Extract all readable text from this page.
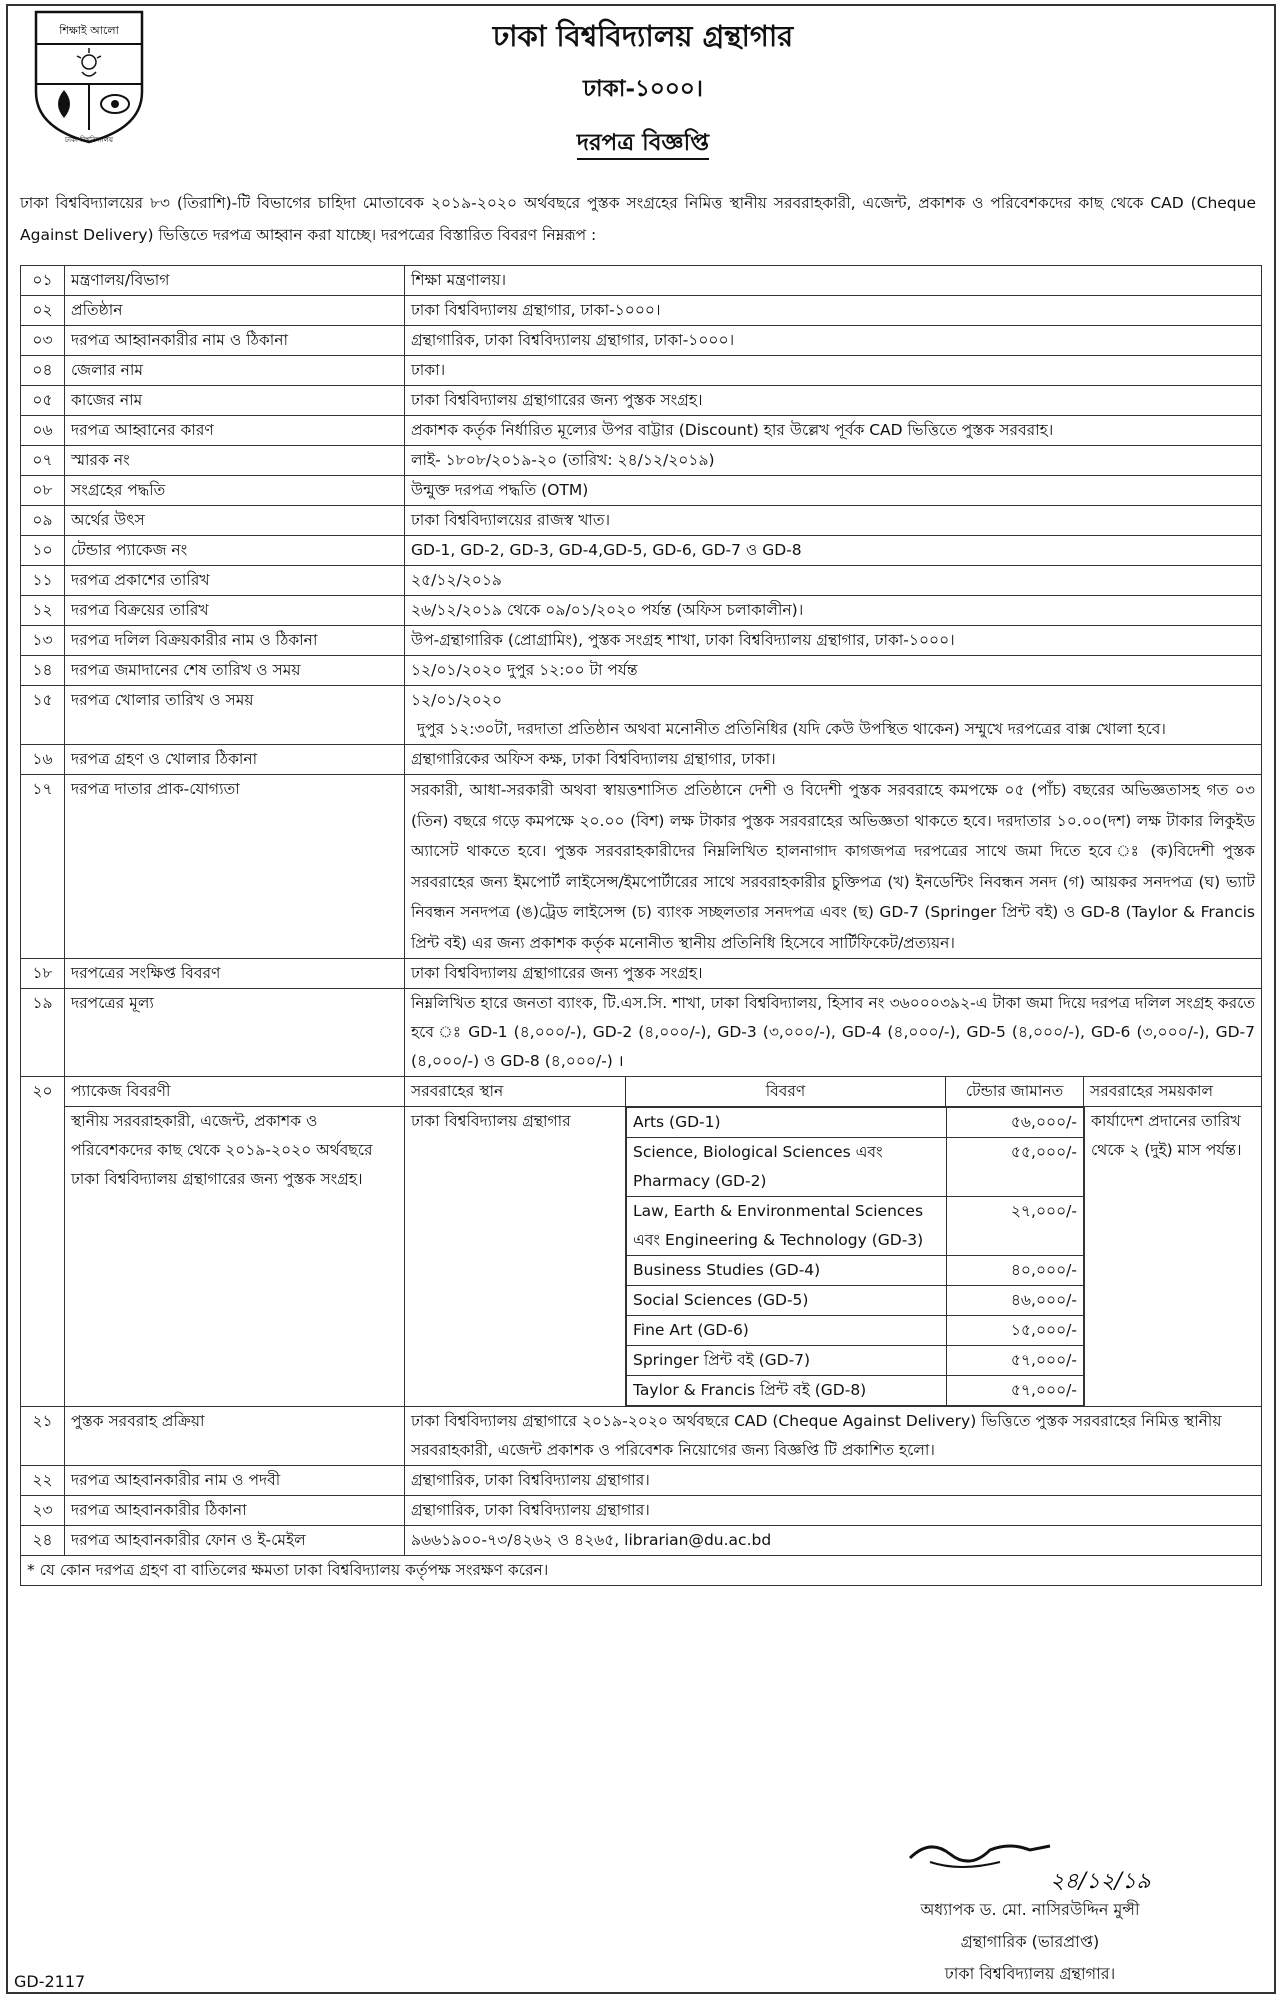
শিক্ষাই আলো
ঢাকা বিশ্ববিদ্যালয়
ঢাকা বিশ্ববিদ্যালয় গ্রন্থাগার
ঢাকা-১০০০।
দরপত্র বিজ্ঞপ্তি
ঢাকা বিশ্ববিদ্যালয়ের ৮৩ (তিরাশি)-টি বিভাগের চাহিদা মোতাবেক ২০১৯-২০২০ অর্থবছরে পুস্তক সংগ্রহের নিমিত্ত স্থানীয় সরবরাহকারী, এজেন্ট, প্রকাশক ও পরিবেশকদের কাছ থেকে CAD (Cheque Against Delivery) ভিত্তিতে দরপত্র আহ্বান করা যাচ্ছে। দরপত্রের বিস্তারিত বিবরণ নিম্নরূপ :
০১	মন্ত্রণালয়/বিভাগ	শিক্ষা মন্ত্রণালয়।
০২	প্রতিষ্ঠান	ঢাকা বিশ্ববিদ্যালয় গ্রন্থাগার, ঢাকা-১০০০।
০৩	দরপত্র আহ্বানকারীর নাম ও ঠিকানা	গ্রন্থাগারিক, ঢাকা বিশ্ববিদ্যালয় গ্রন্থাগার, ঢাকা-১০০০।
০৪	জেলার নাম	ঢাকা।
০৫	কাজের নাম	ঢাকা বিশ্ববিদ্যালয় গ্রন্থাগারের জন্য পুস্তক সংগ্রহ।
০৬	দরপত্র আহ্বানের কারণ	প্রকাশক কর্তৃক নির্ধারিত মূল্যের উপর বাট্টার (Discount) হার উল্লেখ পূর্বক CAD ভিত্তিতে পুস্তক সরবরাহ।
০৭	স্মারক নং	লাই- ১৮০৮/২০১৯-২০ (তারিখ: ২৪/১২/২০১৯)
০৮	সংগ্রহের পদ্ধতি	উন্মুক্ত দরপত্র পদ্ধতি (OTM)
০৯	অর্থের উৎস	ঢাকা বিশ্ববিদ্যালয়ের রাজস্ব খাত।
১০	টেন্ডার প্যাকেজ নং	GD-1, GD-2, GD-3, GD-4,GD-5, GD-6, GD-7 ও GD-8
১১	দরপত্র প্রকাশের তারিখ	২৫/১২/২০১৯
১২	দরপত্র বিক্রয়ের তারিখ	২৬/১২/২০১৯ থেকে ০৯/০১/২০২০ পর্যন্ত (অফিস চলাকালীন)।
১৩	দরপত্র দলিল বিক্রয়কারীর নাম ও ঠিকানা	উপ-গ্রন্থাগারিক (প্রোগ্রামিং), পুস্তক সংগ্রহ শাখা, ঢাকা বিশ্ববিদ্যালয় গ্রন্থাগার, ঢাকা-১০০০।
১৪	দরপত্র জমাদানের শেষ তারিখ ও সময়	১২/০১/২০২০ দুপুর ১২:০০ টা পর্যন্ত
১৫	দরপত্র খোলার তারিখ ও সময়	১২/০১/২০২০
দুপুর ১২:৩০টা, দরদাতা প্রতিষ্ঠান অথবা মনোনীত প্রতিনিধির (যদি কেউ উপস্থিত থাকেন) সম্মুখে দরপত্রের বাক্স খোলা হবে।

১৬	দরপত্র গ্রহণ ও খোলার ঠিকানা	গ্রন্থাগারিকের অফিস কক্ষ, ঢাকা বিশ্ববিদ্যালয় গ্রন্থাগার, ঢাকা।
১৭	দরপত্র দাতার প্রাক-যোগ্যতা	সরকারী, আধা-সরকারী অথবা স্বায়ত্তশাসিত প্রতিষ্ঠানে দেশী ও বিদেশী পুস্তক সরবরাহে কমপক্ষে ০৫ (পাঁচ) বছরের অভিজ্ঞতাসহ গত ০৩ (তিন) বছরে গড়ে কমপক্ষে ২০.০০ (বিশ) লক্ষ টাকার পুস্তক সরবরাহের অভিজ্ঞতা থাকতে হবে। দরদাতার ১০.০০(দশ) লক্ষ টাকার লিকুইড অ্যাসেট থাকতে হবে। পুস্তক সরবরাহকারীদের নিম্নলিখিত হালনাগাদ কাগজপত্র দরপত্রের সাথে জমা দিতে হবে ঃ (ক)বিদেশী পুস্তক সরবরাহের জন্য ইমপোর্ট লাইসেন্স/ইমপোর্টারের সাথে সরবরাহকারীর চুক্তিপত্র (খ) ইনডেন্টিং নিবন্ধন সনদ (গ) আয়কর সনদপত্র (ঘ) ভ্যাট নিবন্ধন সনদপত্র (ঙ)ট্রেড লাইসেন্স (চ) ব্যাংক সচ্ছলতার সনদপত্র এবং (ছ) GD-7 (Springer প্রিন্ট বই) ও GD-8 (Taylor & Francis প্রিন্ট বই) এর জন্য প্রকাশক কর্তৃক মনোনীত স্থানীয় প্রতিনিধি হিসেবে সার্টিফিকেট/প্রত্যয়ন।
১৮	দরপত্রের সংক্ষিপ্ত বিবরণ	ঢাকা বিশ্ববিদ্যালয় গ্রন্থাগারের জন্য পুস্তক সংগ্রহ।
১৯	দরপত্রের মূল্য	নিম্নলিখিত হারে জনতা ব্যাংক, টি.এস.সি. শাখা, ঢাকা বিশ্ববিদ্যালয়, হিসাব নং ৩৬০০০৩৯২-এ টাকা জমা দিয়ে দরপত্র দলিল সংগ্রহ করতে হবে ঃ GD-1 (৪,০০০/-), GD-2 (৪,০০০/-), GD-3 (৩,০০০/-), GD-4 (৪,০০০/-), GD-5 (৪,০০০/-), GD-6 (৩,০০০/-), GD-7 (৪,০০০/-) ও GD-8 (৪,০০০/-) ।
২০	প্যাকেজ বিবরণী
স্থানীয় সরবরাহকারী, এজেন্ট, প্রকাশক ও পরিবেশকদের কাছ থেকে ২০১৯-২০২০ অর্থবছরে ঢাকা বিশ্ববিদ্যালয় গ্রন্থাগারের জন্য পুস্তক সংগ্রহ।

সরবরাহের স্থান	বিবরণ	টেন্ডার জামানত	সরবরাহের সময়কাল
ঢাকা বিশ্ববিদ্যালয় গ্রন্থাগার	Arts (GD-1)	৫৬,০০০/-
Science, Biological Sciences এবং Pharmacy (GD-2)	৫৫,০০০/-
Law, Earth & Environmental Sciences এবং Engineering & Technology (GD-3)	২৭,০০০/-
Business Studies (GD-4)	৪০,০০০/-
Social Sciences (GD-5)	৪৬,০০০/-
Fine Art (GD-6)	১৫,০০০/-
Springer প্রিন্ট বই (GD-7)	৫৭,০০০/-
Taylor & Francis প্রিন্ট বই (GD-8)	৫৭,০০০/-
কার্যাদেশ প্রদানের তারিখ থেকে ২ (দুই) মাস পর্যন্ত।

২১	পুস্তক সরবরাহ প্রক্রিয়া	ঢাকা বিশ্ববিদ্যালয় গ্রন্থাগারে ২০১৯-২০২০ অর্থবছরে CAD (Cheque Against Delivery) ভিত্তিতে পুস্তক সরবরাহের নিমিত্ত স্থানীয় সরবরাহকারী, এজেন্ট প্রকাশক ও পরিবেশক নিয়োগের জন্য বিজ্ঞপ্তি টি প্রকাশিত হলো।
২২	দরপত্র আহবানকারীর নাম ও পদবী	গ্রন্থাগারিক, ঢাকা বিশ্ববিদ্যালয় গ্রন্থাগার।
২৩	দরপত্র আহবানকারীর ঠিকানা	গ্রন্থাগারিক, ঢাকা বিশ্ববিদ্যালয় গ্রন্থাগার।
২৪	দরপত্র আহবানকারীর ফোন ও ই-মেইল	৯৬৬১৯০০-৭৩/৪২৬২ ও ৪২৬৫, librarian@du.ac.bd
* যে কোন দরপত্র গ্রহণ বা বাতিলের ক্ষমতা ঢাকা বিশ্ববিদ্যালয় কর্তৃপক্ষ সংরক্ষণ করেন।
২৪/১২/১৯
অধ্যাপক ড. মো. নাসিরউদ্দিন মুন্সী
গ্রন্থাগারিক (ভারপ্রাপ্ত)
ঢাকা বিশ্ববিদ্যালয় গ্রন্থাগার।
GD-2117
